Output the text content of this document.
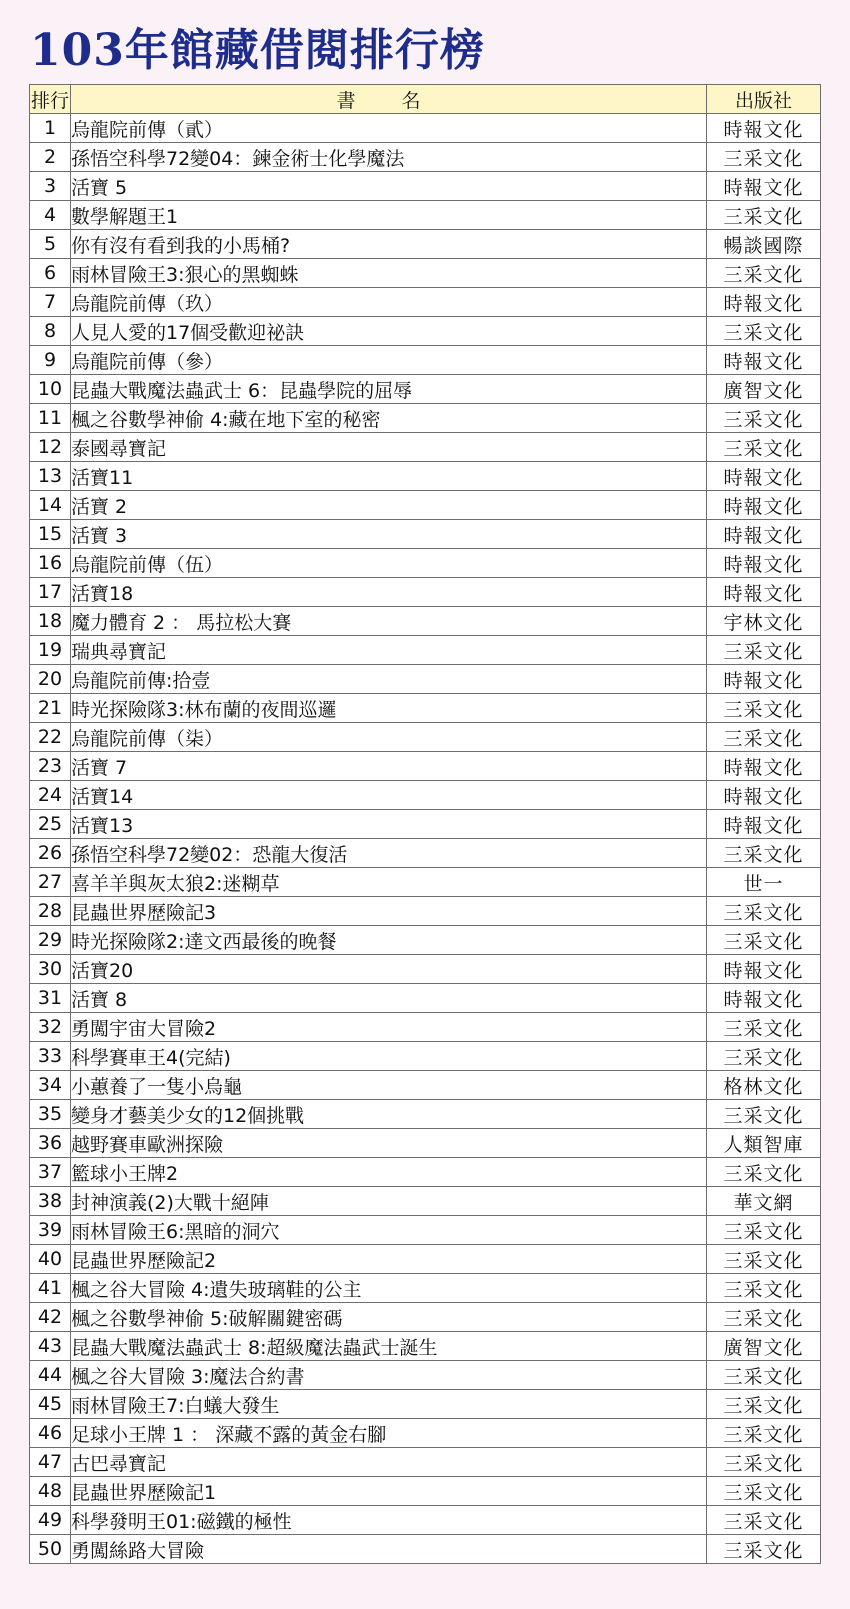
103年館藏借閱排行榜
排行	書 名	出版社
1	烏龍院前傳（貳）	時報文化
2	孫悟空科學72變04：鍊金術士化學魔法	三采文化
3	活寶 5	時報文化
4	數學解題王1	三采文化
5	你有沒有看到我的小馬桶?	暢談國際
6	雨林冒險王3:狠心的黑蜘蛛	三采文化
7	烏龍院前傳（玖）	時報文化
8	人見人愛的17個受歡迎祕訣	三采文化
9	烏龍院前傳（參）	時報文化
10	昆蟲大戰魔法蟲武士 6：昆蟲學院的屈辱	廣智文化
11	楓之谷數學神偷 4:藏在地下室的秘密	三采文化
12	泰國尋寶記	三采文化
13	活寶11	時報文化
14	活寶 2	時報文化
15	活寶 3	時報文化
16	烏龍院前傳（伍）	時報文化
17	活寶18	時報文化
18	魔力體育 2 ： 馬拉松大賽	宇林文化
19	瑞典尋寶記	三采文化
20	烏龍院前傳:拾壹	時報文化
21	時光探險隊3:林布蘭的夜間巡邏	三采文化
22	烏龍院前傳（柒）	三采文化
23	活寶 7	時報文化
24	活寶14	時報文化
25	活寶13	時報文化
26	孫悟空科學72變02：恐龍大復活	三采文化
27	喜羊羊與灰太狼2:迷糊草	世一
28	昆蟲世界歷險記3	三采文化
29	時光探險隊2:達文西最後的晚餐	三采文化
30	活寶20	時報文化
31	活寶 8	時報文化
32	勇闖宇宙大冒險2	三采文化
33	科學賽車王4(完結)	三采文化
34	小蕙養了一隻小烏龜	格林文化
35	變身才藝美少女的12個挑戰	三采文化
36	越野賽車歐洲探險	人類智庫
37	籃球小王牌2	三采文化
38	封神演義(2)大戰十絕陣	華文網
39	雨林冒險王6:黑暗的洞穴	三采文化
40	昆蟲世界歷險記2	三采文化
41	楓之谷大冒險 4:遺失玻璃鞋的公主	三采文化
42	楓之谷數學神偷 5:破解關鍵密碼	三采文化
43	昆蟲大戰魔法蟲武士 8:超級魔法蟲武士誕生	廣智文化
44	楓之谷大冒險 3:魔法合約書	三采文化
45	雨林冒險王7:白蟻大發生	三采文化
46	足球小王牌 1 ： 深藏不露的黃金右腳	三采文化
47	古巴尋寶記	三采文化
48	昆蟲世界歷險記1	三采文化
49	科學發明王01:磁鐵的極性	三采文化
50	勇闖絲路大冒險	三采文化
